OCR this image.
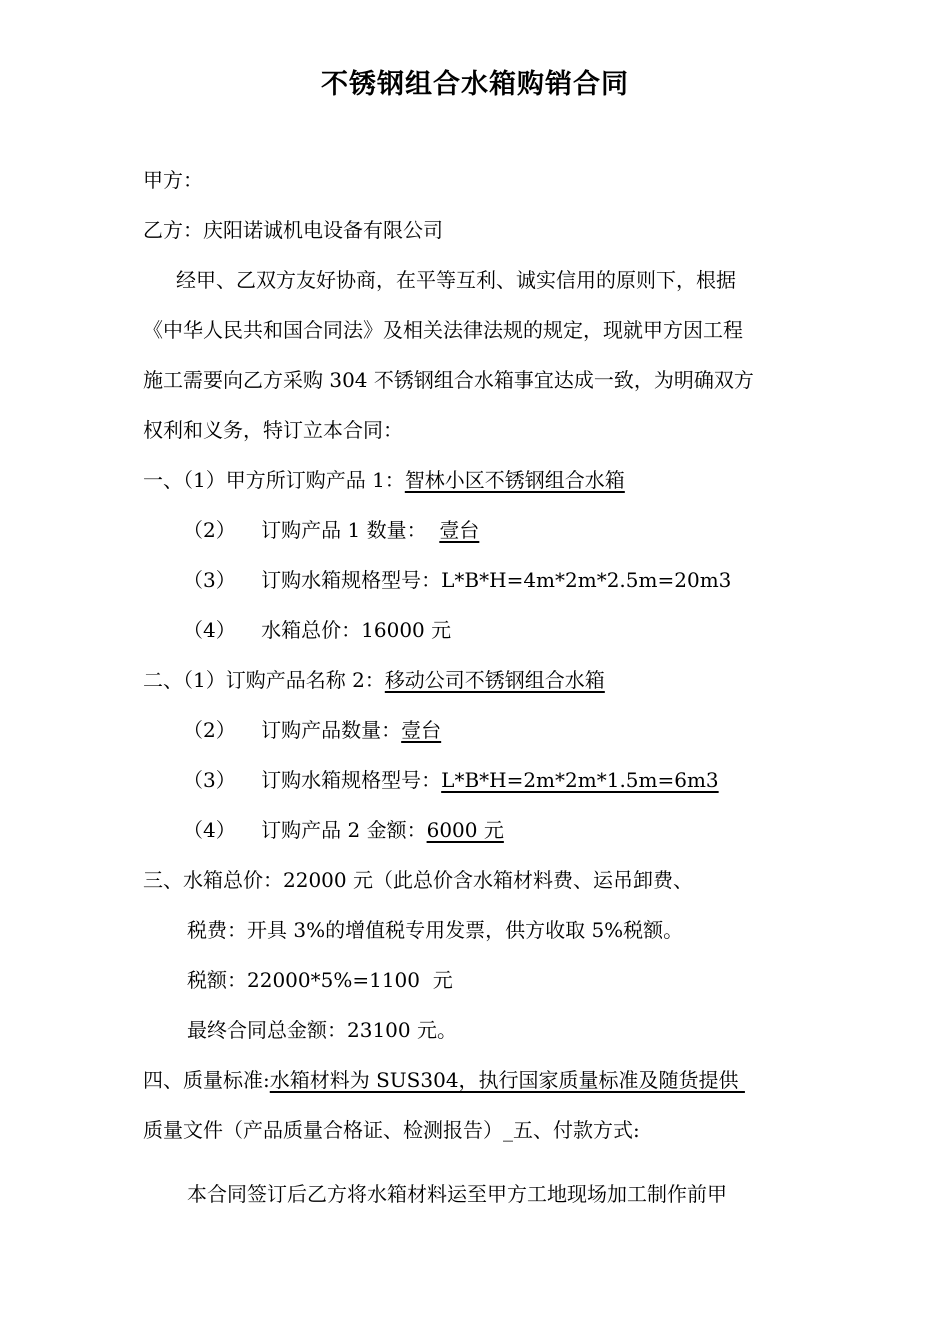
不锈钢组合水箱购销合同
甲方：
乙方：庆阳诺诚机电设备有限公司
经甲、乙双方友好协商，在平等互利、诚实信用的原则下，根据
《中华人民共和国合同法》及相关法律法规的规定，现就甲方因工程
施工需要向乙方采购 304 不锈钢组合水箱事宜达成一致，为明确双方
权利和义务，特订立本合同：
一、（1）甲方所订购产品 1：智林小区不锈钢组合水箱
（2）    订购产品 1 数量：  壹台
（3）    订购水箱规格型号：L*B*H=4m*2m*2.5m=20m3
（4）    水箱总价：16000 元
二、（1）订购产品名称 2：移动公司不锈钢组合水箱
（2）    订购产品数量：壹台
（3）    订购水箱规格型号：L*B*H=2m*2m*1.5m=6m3
（4）    订购产品 2 金额：6000 元
三、水箱总价：22000 元（此总价含水箱材料费、运吊卸费、
税费：开具 3%的增值税专用发票，供方收取 5%税额。
税额：22000*5%=1100  元
最终合同总金额：23100 元。
四、质量标准:水箱材料为 SUS304，执行国家质量标准及随货提供
质量文件（产品质量合格证、检测报告）_五、付款方式:
本合同签订后乙方将水箱材料运至甲方工地现场加工制作前甲
